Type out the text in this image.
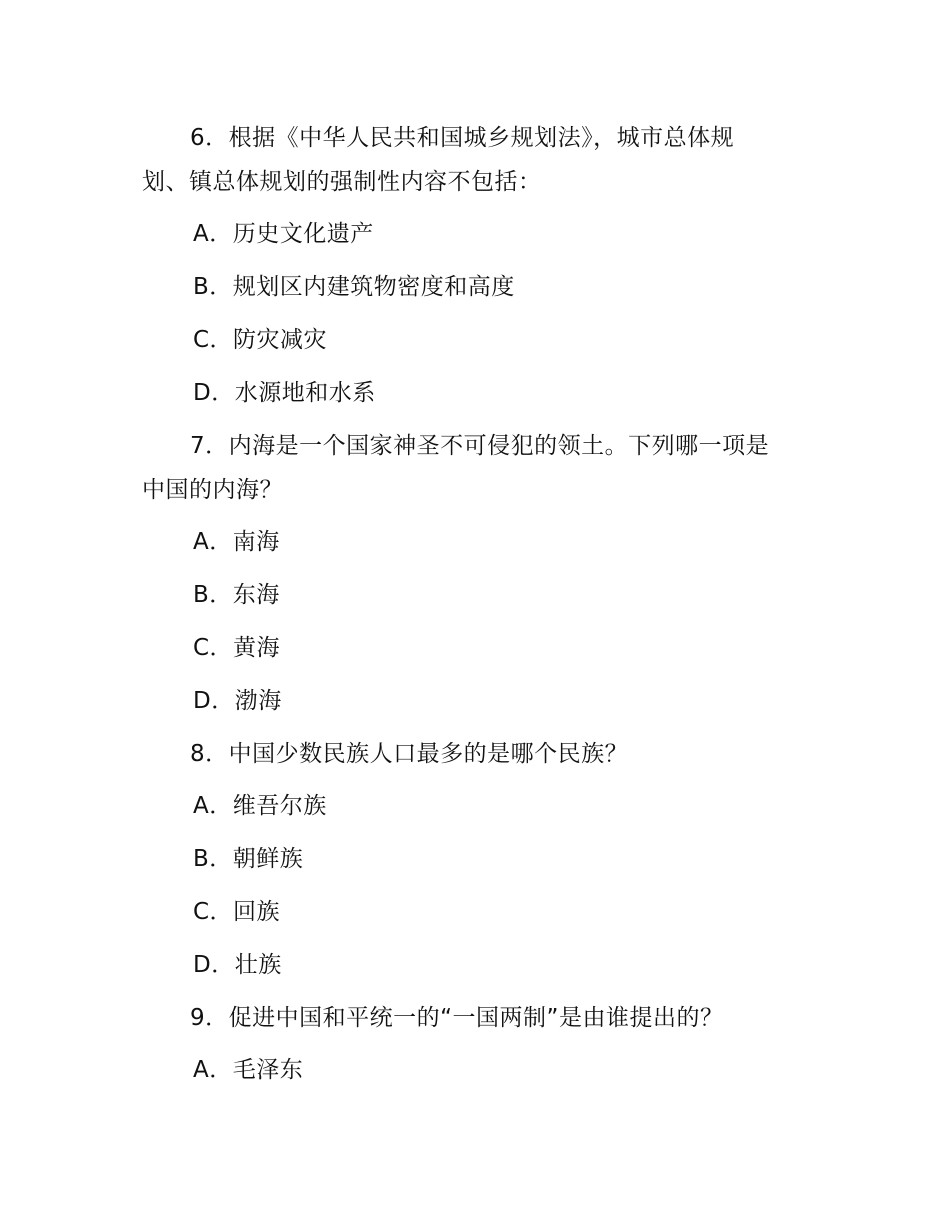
6．根据《中华人民共和国城乡规划法》，城市总体规
划、镇总体规划的强制性内容不包括：
A．历史文化遗产
B．规划区内建筑物密度和高度
C．防灾减灾
D．水源地和水系
7．内海是一个国家神圣不可侵犯的领土。下列哪一项是
中国的内海？
A．南海
B．东海
C．黄海
D．渤海
8．中国少数民族人口最多的是哪个民族？
A．维吾尔族
B．朝鲜族
C．回族
D．壮族
9．促进中国和平统一的“一国两制”是由谁提出的？
A．毛泽东
